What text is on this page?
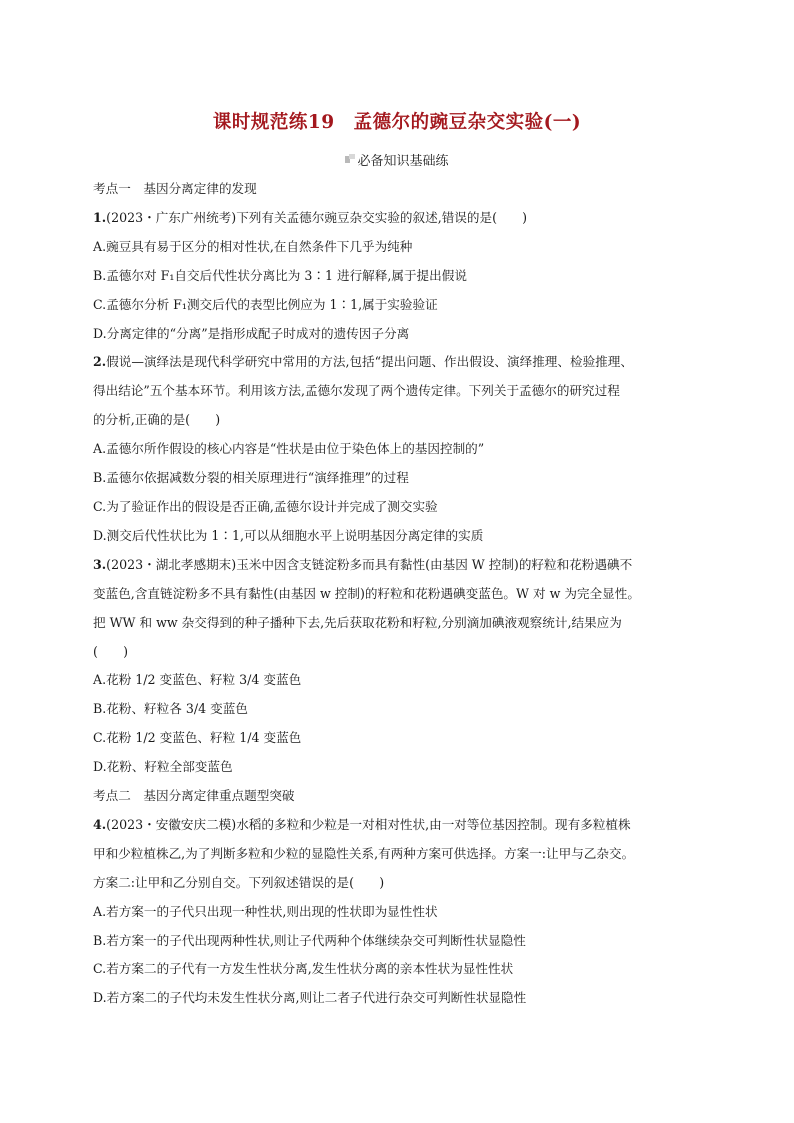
课时规范练19　孟德尔的豌豆杂交实验(一)
必备知识基础练
考点一　基因分离定律的发现
1.(2023・广东广州统考)下列有关孟德尔豌豆杂交实验的叙述,错误的是(　　)
A.豌豆具有易于区分的相对性状,在自然条件下几乎为纯种
B.孟德尔对 F₁自交后代性状分离比为 3∶1 进行解释,属于提出假说
C.孟德尔分析 F₁测交后代的表型比例应为 1∶1,属于实验验证
D.分离定律的“分离”是指形成配子时成对的遗传因子分离
2.假说—演绎法是现代科学研究中常用的方法,包括“提出问题、作出假设、演绎推理、检验推理、
得出结论”五个基本环节。利用该方法,孟德尔发现了两个遗传定律。下列关于孟德尔的研究过程
的分析,正确的是(　　)
A.孟德尔所作假设的核心内容是“性状是由位于染色体上的基因控制的”
B.孟德尔依据减数分裂的相关原理进行“演绎推理”的过程
C.为了验证作出的假设是否正确,孟德尔设计并完成了测交实验
D.测交后代性状比为 1∶1,可以从细胞水平上说明基因分离定律的实质
3.(2023・湖北孝感期末)玉米中因含支链淀粉多而具有黏性(由基因 W 控制)的籽粒和花粉遇碘不
变蓝色,含直链淀粉多不具有黏性(由基因 w 控制)的籽粒和花粉遇碘变蓝色。W 对 w 为完全显性。
把 WW 和 ww 杂交得到的种子播种下去,先后获取花粉和籽粒,分别滴加碘液观察统计,结果应为
(　　)
A.花粉 1/2 变蓝色、籽粒 3/4 变蓝色
B.花粉、籽粒各 3/4 变蓝色
C.花粉 1/2 变蓝色、籽粒 1/4 变蓝色
D.花粉、籽粒全部变蓝色
考点二　基因分离定律重点题型突破
4.(2023・安徽安庆二模)水稻的多粒和少粒是一对相对性状,由一对等位基因控制。现有多粒植株
甲和少粒植株乙,为了判断多粒和少粒的显隐性关系,有两种方案可供选择。方案一:让甲与乙杂交。
方案二:让甲和乙分别自交。下列叙述错误的是(　　)
A.若方案一的子代只出现一种性状,则出现的性状即为显性性状
B.若方案一的子代出现两种性状,则让子代两种个体继续杂交可判断性状显隐性
C.若方案二的子代有一方发生性状分离,发生性状分离的亲本性状为显性性状
D.若方案二的子代均未发生性状分离,则让二者子代进行杂交可判断性状显隐性
